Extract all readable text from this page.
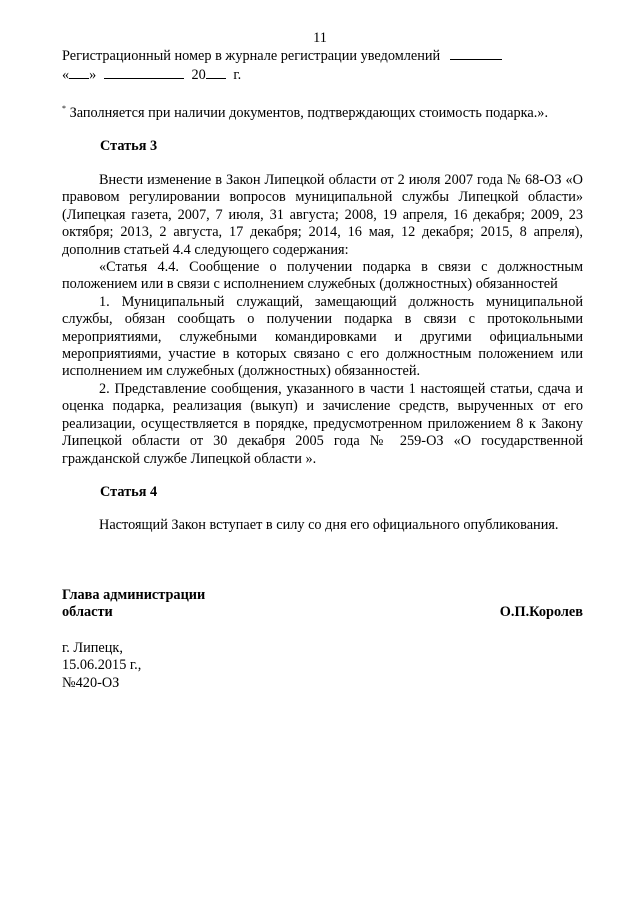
11
Регистрационный номер в журнале регистрации уведомлений
« »	20 г.
* Заполняется при наличии документов, подтверждающих стоимость подарка.».
Статья 3

Внести изменение в Закон Липецкой области от 2 июля 2007 года № 68-ОЗ «О правовом регулировании вопросов муниципальной службы Липецкой области» (Липецкая газета, 2007, 7 июля, 31 августа; 2008, 19 апреля, 16 декабря; 2009, 23 октября; 2013, 2 августа, 17 декабря; 2014, 16 мая, 12 декабря; 2015, 8 апреля), дополнив статьей 4.4 следующего содержания:

«Статья 4.4. Сообщение о получении подарка в связи с должностным положением или в связи с исполнением служебных (должностных) обязанностей

1. Муниципальный служащий, замещающий должность муниципальной службы, обязан сообщать о получении подарка в связи с протокольными мероприятиями, служебными командировками и другими официальными мероприятиями, участие в которых связано с его должностным положением или исполнением им служебных (должностных) обязанностей.

2. Представление сообщения, указанного в части 1 настоящей статьи, сдача и оценка подарка, реализация (выкуп) и зачисление средств, вырученных от его реализации, осуществляется в порядке, предусмотренном приложением 8 к Закону Липецкой области от 30 декабря 2005 года № 259-ОЗ «О государственной гражданской службе Липецкой области ».

Статья 4

Настоящий Закон вступает в силу со дня его официального опубликования.

Глава администрации
области	О.П.Королев
г. Липецк,
15.06.2015 г.,
№420-ОЗ
